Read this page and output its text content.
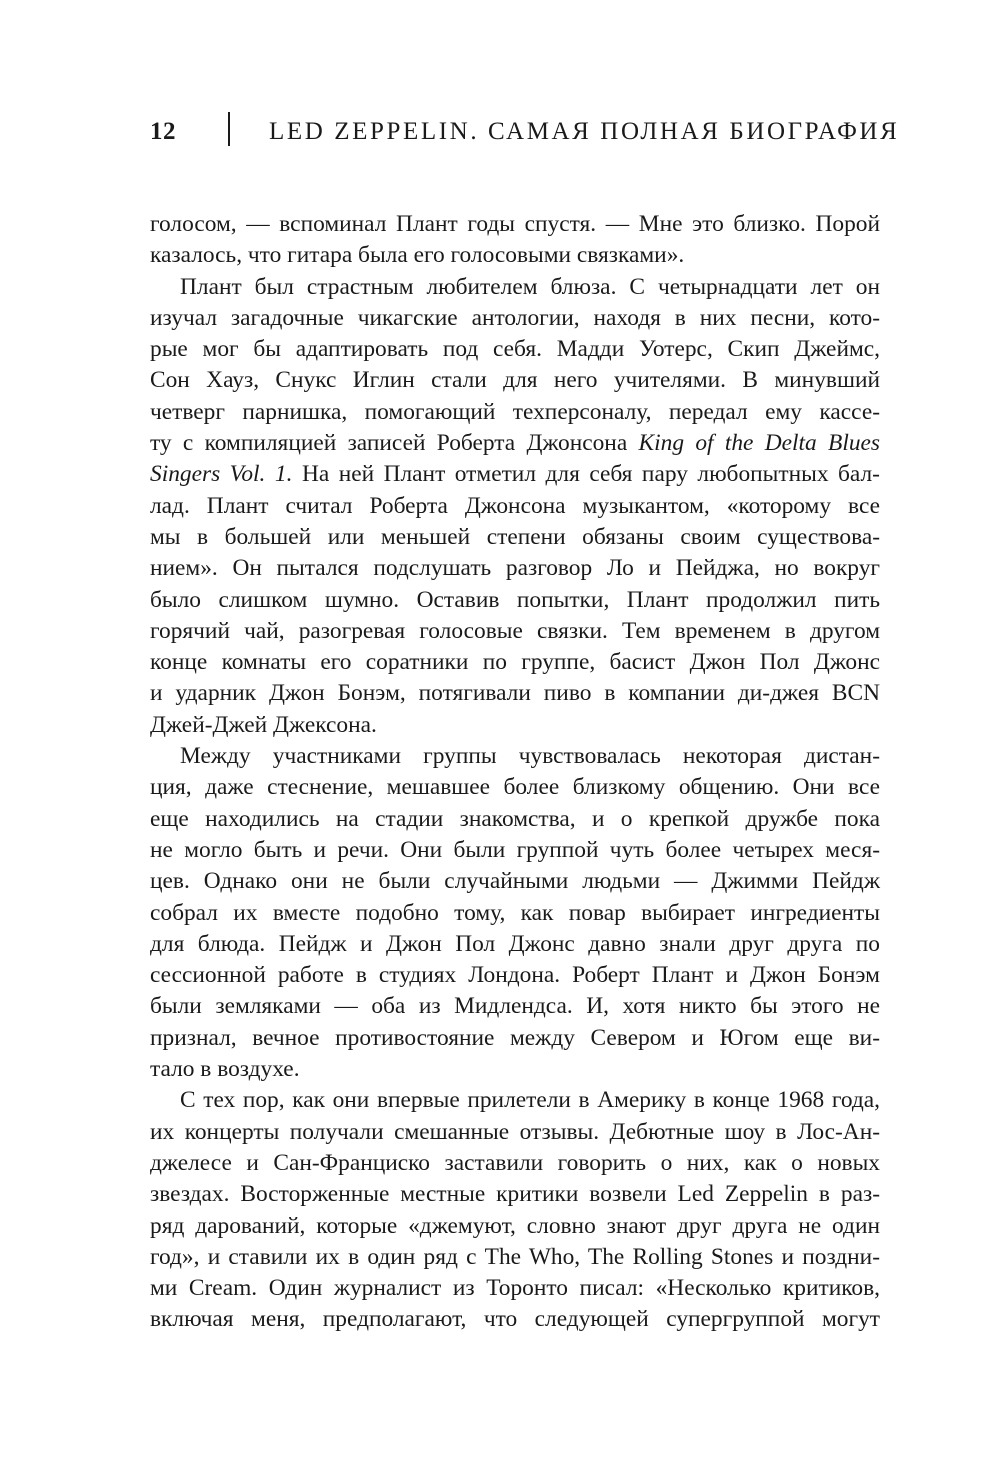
12	LED ZEPPELIN. САМАЯ ПОЛНАЯ БИОГРАФИЯ
голосом, — вспоминал Плант годы спустя. — Мне это близко. Порой
казалось, что гитара была его голосовыми связками».
Плант был страстным любителем блюза. С четырнадцати лет он
изучал загадочные чикагские антологии, находя в них песни, кото-
рые мог бы адаптировать под себя. Мадди Уотерс, Скип Джеймс,
Сон Хауз, Снукс Иглин стали для него учителями. В минувший
четверг парнишка, помогающий техперсоналу, передал ему кассе-
ту с компиляцией записей Роберта Джонсона King of the Delta Blues
Singers Vol. 1. На ней Плант отметил для себя пару любопытных бал-
лад. Плант считал Роберта Джонсона музыкантом, «которому все
мы в большей или меньшей степени обязаны своим существова-
нием». Он пытался подслушать разговор Ло и Пейджа, но вокруг
было слишком шумно. Оставив попытки, Плант продолжил пить
горячий чай, разогревая голосовые связки. Тем временем в другом
конце комнаты его соратники по группе, басист Джон Пол Джонс
и ударник Джон Бонэм, потягивали пиво в компании ди-джея BCN
Джей-Джей Джексона.
Между участниками группы чувствовалась некоторая дистан-
ция, даже стеснение, мешавшее более близкому общению. Они все
еще находились на стадии знакомства, и о крепкой дружбе пока
не могло быть и речи. Они были группой чуть более четырех меся-
цев. Однако они не были случайными людьми — Джимми Пейдж
собрал их вместе подобно тому, как повар выбирает ингредиенты
для блюда. Пейдж и Джон Пол Джонс давно знали друг друга по
сессионной работе в студиях Лондона. Роберт Плант и Джон Бонэм
были земляками — оба из Мидлендса. И, хотя никто бы этого не
признал, вечное противостояние между Севером и Югом еще ви-
тало в воздухе.
С тех пор, как они впервые прилетели в Америку в конце 1968 года,
их концерты получали смешанные отзывы. Дебютные шоу в Лос-Ан-
джелесе и Сан-Франциско заставили говорить о них, как о новых
звездах. Восторженные местные критики возвели Led Zeppelin в раз-
ряд дарований, которые «джемуют, словно знают друг друга не один
год», и ставили их в один ряд с The Who, The Rolling Stones и поздни-
ми Cream. Один журналист из Торонто писал: «Несколько критиков,
включая меня, предполагают, что следующей супергруппой могут
